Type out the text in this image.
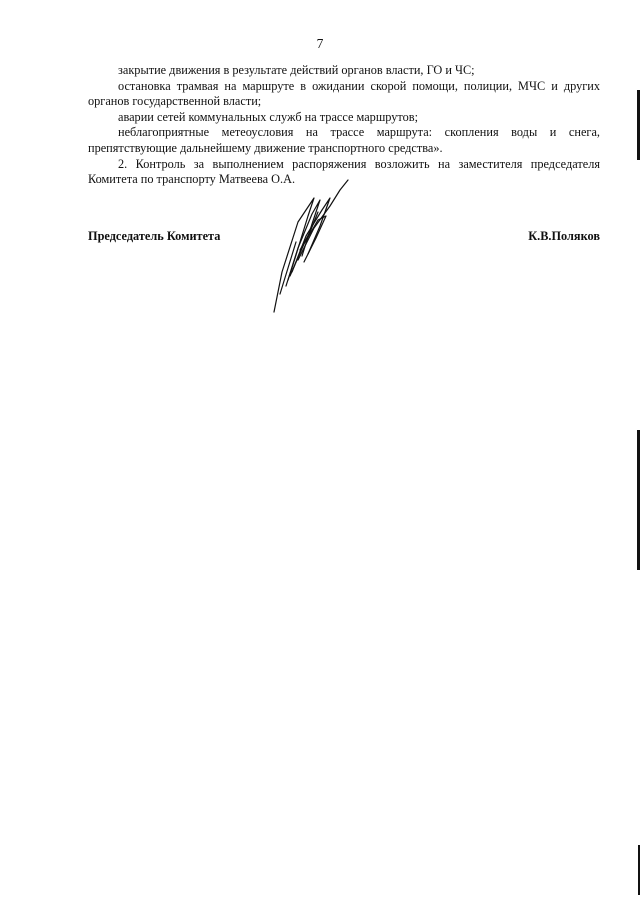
7

закрытие движения в результате действий органов власти, ГО и ЧС;

остановка трамвая на маршруте в ожидании скорой помощи, полиции, МЧС и других органов государственной власти;

аварии сетей коммунальных служб на трассе маршрутов;

неблагоприятные метеоусловия на трассе маршрута: скопления воды и снега, препятствующие дальнейшему движение транспортного средства».

2. Контроль за выполнением распоряжения возложить на заместителя председателя Комитета по транспорту Матвеева О.А.

Председатель Комитета	К.В.Поляков
